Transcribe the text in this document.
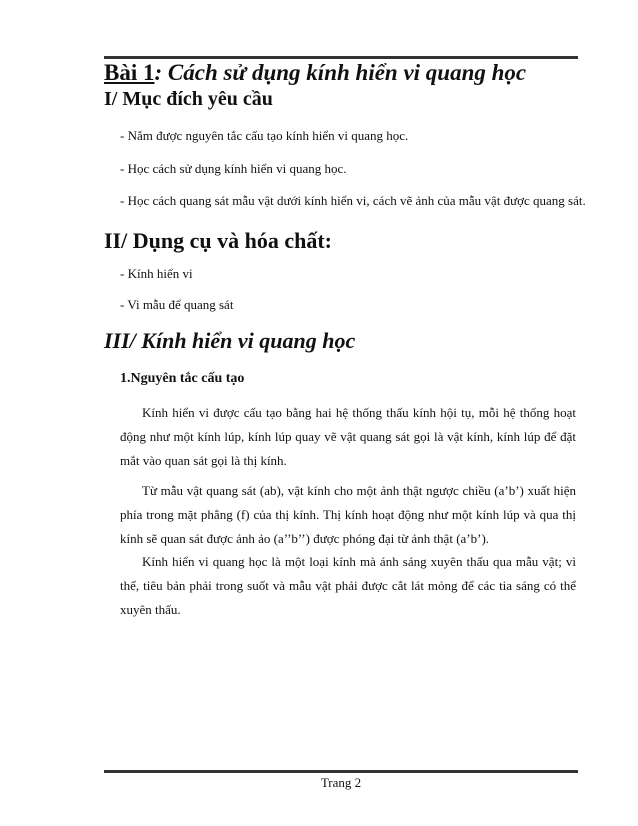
Bài 1: Cách sử dụng kính hiển vi quang học
I/ Mục đích yêu cầu
- Nắm được nguyên tắc cấu tạo kính hiển vi quang học.
- Học cách sử dụng kính hiển vi quang học.
- Học cách quang sát mẫu vật dưới kính hiển vi, cách vẽ ảnh của mẫu vật được quang sát.
II/ Dụng cụ và hóa chất:
- Kính hiển vi
- Vi mẫu để quang sát
III/ Kính hiển vi quang học
1.Nguyên tắc cấu tạo

Kính hiển vi được cấu tạo bằng hai hệ thống thấu kính hội tụ, mỗi hệ thống hoạt động như một kính lúp, kính lúp quay vẽ vật quang sát gọi là vật kính, kính lúp để đặt mắt vào quan sát gọi là thị kính.

Từ mẫu vật quang sát (ab), vật kính cho một ảnh thật ngược chiều (a’b’) xuất hiện phía trong mặt phẳng (f) của thị kính. Thị kính hoạt động như một kính lúp và qua thị kính sẽ quan sát được ảnh ảo (a’’b’’) được phóng đại từ ảnh thật (a’b’).

Kính hiển vi quang học là một loại kính mà ánh sáng xuyên thấu qua mẫu vật; vì thế, tiêu bản phải trong suốt và mẫu vật phải được cắt lát mỏng để các tia sáng có thể xuyên thấu.

Trang 2
